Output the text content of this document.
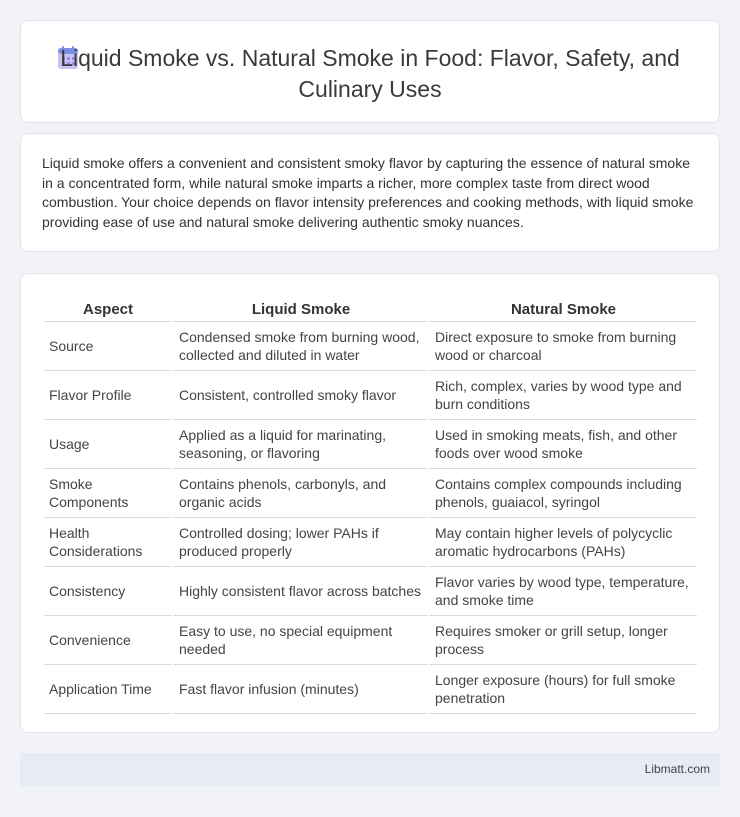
Liquid Smoke vs. Natural Smoke in Food: Flavor, Safety, and Culinary Uses

Liquid smoke offers a convenient and consistent smoky flavor by capturing the essence of natural smoke in a concentrated form, while natural smoke imparts a richer, more complex taste from direct wood combustion. Your choice depends on flavor intensity preferences and cooking methods, with liquid smoke providing ease of use and natural smoke delivering authentic smoky nuances.

Aspect	Liquid Smoke	Natural Smoke
Source	Condensed smoke from burning wood, collected and diluted in water	Direct exposure to smoke from burning wood or charcoal
Flavor Profile	Consistent, controlled smoky flavor	Rich, complex, varies by wood type and burn conditions
Usage	Applied as a liquid for marinating, seasoning, or flavoring	Used in smoking meats, fish, and other foods over wood smoke
Smoke Components	Contains phenols, carbonyls, and organic acids	Contains complex compounds including phenols, guaiacol, syringol
Health Considerations	Controlled dosing; lower PAHs if produced properly	May contain higher levels of polycyclic aromatic hydrocarbons (PAHs)
Consistency	Highly consistent flavor across batches	Flavor varies by wood type, temperature, and smoke time
Convenience	Easy to use, no special equipment needed	Requires smoker or grill setup, longer process
Application Time	Fast flavor infusion (minutes)	Longer exposure (hours) for full smoke penetration
Libmatt.com
